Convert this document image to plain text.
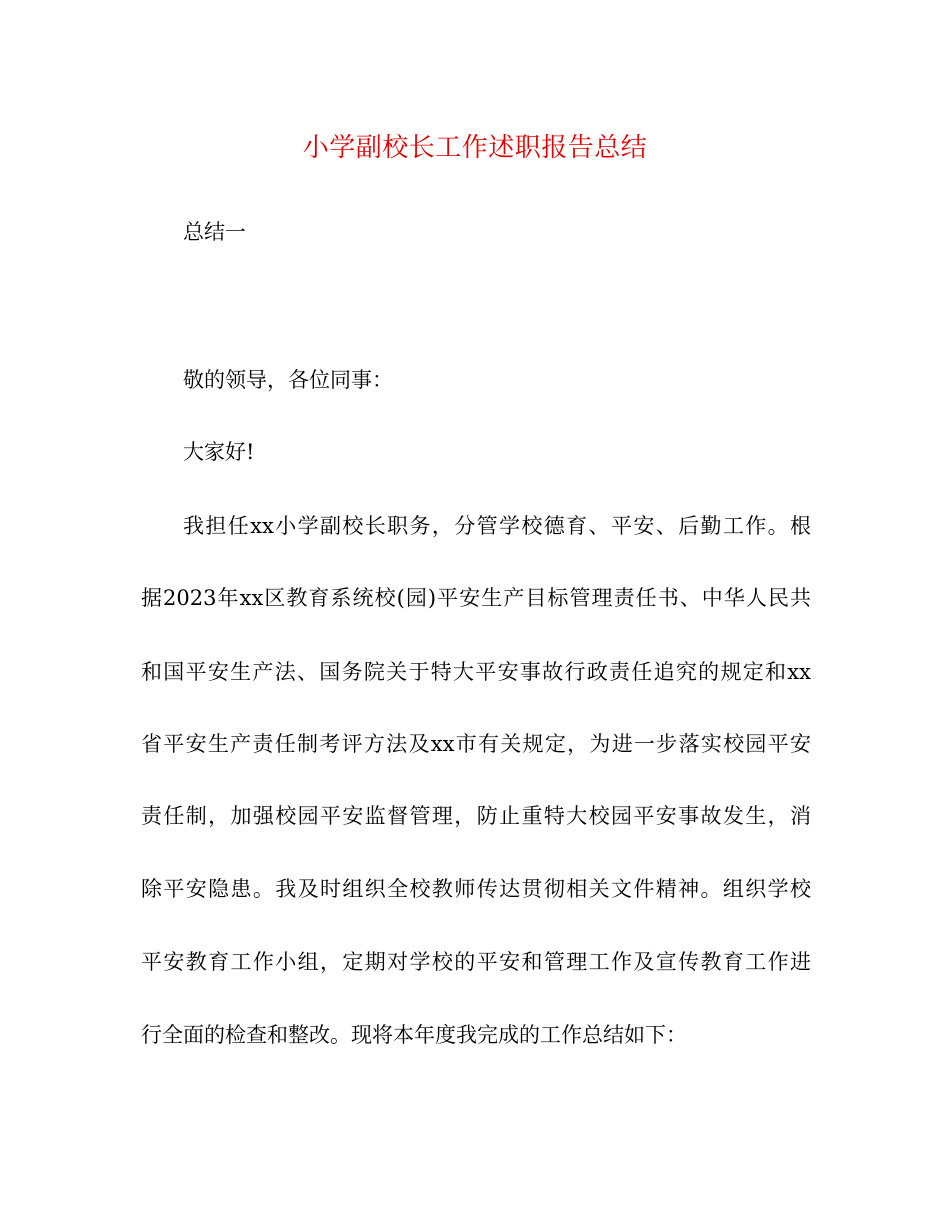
小学副校长工作述职报告总结
总结一
敬的领导，各位同事：
大家好!
我担任xx小学副校长职务，分管学校德育、平安、后勤工作。根
据2023年xx区教育系统校(园)平安生产目标管理责任书、中华人民共
和国平安生产法、国务院关于特大平安事故行政责任追究的规定和xx
省平安生产责任制考评方法及xx市有关规定，为进一步落实校园平安
责任制，加强校园平安监督管理，防止重特大校园平安事故发生，消
除平安隐患。我及时组织全校教师传达贯彻相关文件精神。组织学校
平安教育工作小组，定期对学校的平安和管理工作及宣传教育工作进
行全面的检查和整改。现将本年度我完成的工作总结如下：
